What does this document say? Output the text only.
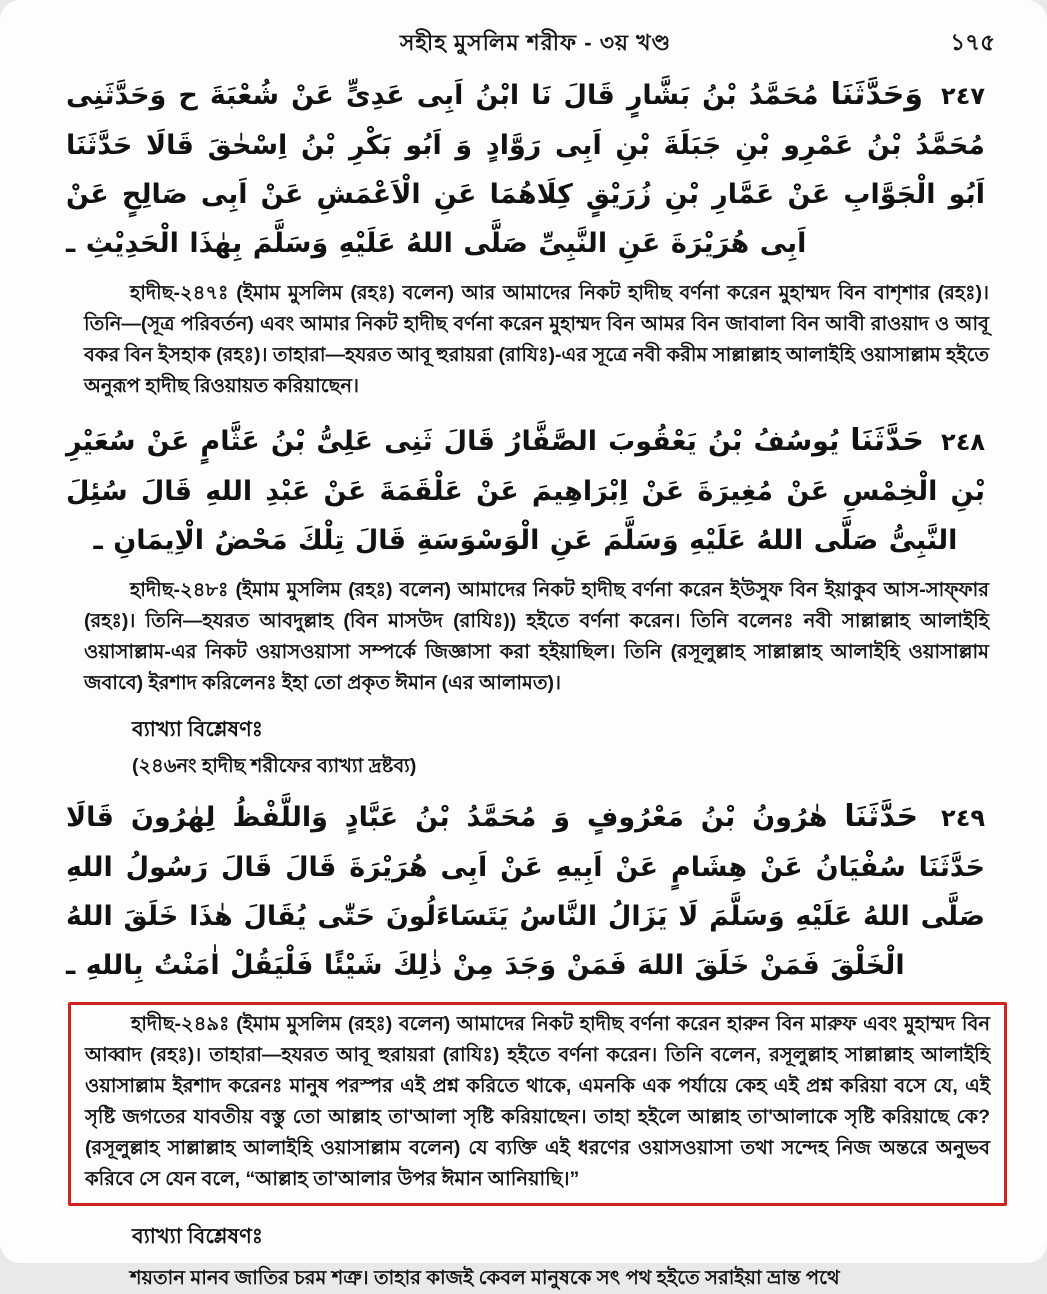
সহীহ মুসলিম শরীফ - ৩য় খণ্ড	১৭৫
٢٤٧ وَحَدَّثَنَا مُحَمَّدُ بْنُ بَشَّارٍ قَالَ نَا ابْنُ اَبِى عَدِىٍّ عَنْ شُعْبَةَ ح وَحَدَّثَنِى مُحَمَّدُ بْنُ عَمْرِو بْنِ جَبَلَةَ بْنِ اَبِى رَوَّادٍ وَ اَبُو بَكْرِ بْنُ اِسْحٰقَ قَالَا حَدَّثَنَا اَبُو الْجَوَّابِ عَنْ عَمَّارِ بْنِ زُرَيْقٍ كِلَاهُمَا عَنِ الْاَعْمَشِ عَنْ اَبِى صَالِحٍ عَنْ اَبِى هُرَيْرَةَ عَنِ النَّبِىِّ صَلَّى اللهُ عَلَيْهِ وَسَلَّمَ بِهٰذَا الْحَدِيْثِ ـ

হাদীছ-২৪৭ঃ (ইমাম মুসলিম (রহঃ) বলেন) আর আমাদের নিকট হাদীছ বর্ণনা করেন মুহাম্মদ বিন বাশৃশার (রহঃ)। তিনি—(সূত্র পরিবর্তন) এবং আমার নিকট হাদীছ বর্ণনা করেন মুহাম্মদ বিন আমর বিন জাবালা বিন আবী রাওয়াদ ও আবূ বকর বিন ইসহাক (রহঃ)। তাহারা—হযরত আবূ হুরায়রা (রাযিঃ)-এর সূত্রে নবী করীম সাল্লাল্লাহ আলাইহি ওয়াসাল্লাম হইতে অনুরূপ হাদীছ রিওয়ায়ত করিয়াছেন।

٢٤٨ حَدَّثَنَا يُوسُفُ بْنُ يَعْقُوبَ الصَّفَّارُ قَالَ ثَنِى عَلِىُّ بْنُ عَثَّامٍ عَنْ سُعَيْرِ بْنِ الْخِمْسِ عَنْ مُغِيرَةَ عَنْ اِبْرَاهِيمَ عَنْ عَلْقَمَةَ عَنْ عَبْدِ اللهِ قَالَ سُئِلَ النَّبِىُّ صَلَّى اللهُ عَلَيْهِ وَسَلَّمَ عَنِ الْوَسْوَسَةِ قَالَ تِلْكَ مَحْضُ الْاِيمَانِ ـ

হাদীছ-২৪৮ঃ (ইমাম মুসলিম (রহঃ) বলেন) আমাদের নিকট হাদীছ বর্ণনা করেন ইউসুফ বিন ইয়াকুব আস-সাফ্ফার (রহঃ)। তিনি—হযরত আবদুল্লাহ (বিন মাসউদ (রাযিঃ)) হইতে বর্ণনা করেন। তিনি বলেনঃ নবী সাল্লাল্লাহ আলাইহি ওয়াসাল্লাম-এর নিকট ওয়াসওয়াসা সম্পর্কে জিজ্ঞাসা করা হইয়াছিল। তিনি (রসূলুল্লাহ সাল্লাল্লাহ আলাইহি ওয়াসাল্লাম জবাবে) ইরশাদ করিলেনঃ ইহা তো প্রকৃত ঈমান (এর আলামত)।

ব্যাখ্যা বিশ্লেষণঃ
(২৪৬নং হাদীছ শরীফের ব্যাখ্যা দ্রষ্টব্য)
٢٤٩ حَدَّثَنَا هٰرُونُ بْنُ مَعْرُوفٍ وَ مُحَمَّدُ بْنُ عَبَّادٍ وَاللَّفْظُ لِهٰرُونَ قَالَا حَدَّثَنَا سُفْيَانُ عَنْ هِشَامٍ عَنْ اَبِيهِ عَنْ اَبِى هُرَيْرَةَ قَالَ قَالَ رَسُولُ اللهِ صَلَّى اللهُ عَلَيْهِ وَسَلَّمَ لَا يَزَالُ النَّاسُ يَتَسَاءَلُونَ حَتّٰى يُقَالَ هٰذَا خَلَقَ اللهُ الْخَلْقَ فَمَنْ خَلَقَ اللهَ فَمَنْ وَجَدَ مِنْ ذٰلِكَ شَيْئًا فَلْيَقُلْ اٰمَنْتُ بِاللهِ ـ

হাদীছ-২৪৯ঃ (ইমাম মুসলিম (রহঃ) বলেন) আমাদের নিকট হাদীছ বর্ণনা করেন হারুন বিন মারুফ এবং মুহাম্মদ বিন আব্বাদ (রহঃ)। তাহারা—হযরত আবূ হুরায়রা (রাযিঃ) হইতে বর্ণনা করেন। তিনি বলেন, রসূলুল্লাহ সাল্লাল্লাহ আলাইহি ওয়াসাল্লাম ইরশাদ করেনঃ মানুষ পরস্পর এই প্রশ্ন করিতে থাকে, এমনকি এক পর্যায়ে কেহ এই প্রশ্ন করিয়া বসে যে, এই সৃষ্টি জগতের যাবতীয় বস্তু তো আল্লাহ তা'আলা সৃষ্টি করিয়াছেন। তাহা হইলে আল্লাহ তা'আলাকে সৃষ্টি করিয়াছে কে? (রসূলুল্লাহ সাল্লাল্লাহ আলাইহি ওয়াসাল্লাম বলেন) যে ব্যক্তি এই ধরণের ওয়াসওয়াসা তথা সন্দেহ নিজ অন্তরে অনুভব করিবে সে যেন বলে, “আল্লাহ তা'আলার উপর ঈমান আনিয়াছি।”

ব্যাখ্যা বিশ্লেষণঃ

শয়তান মানব জাতির চরম শত্রু। তাহার কাজই কেবল মানুষকে সৎ পথ হইতে সরাইয়া ভ্রান্ত পথে
